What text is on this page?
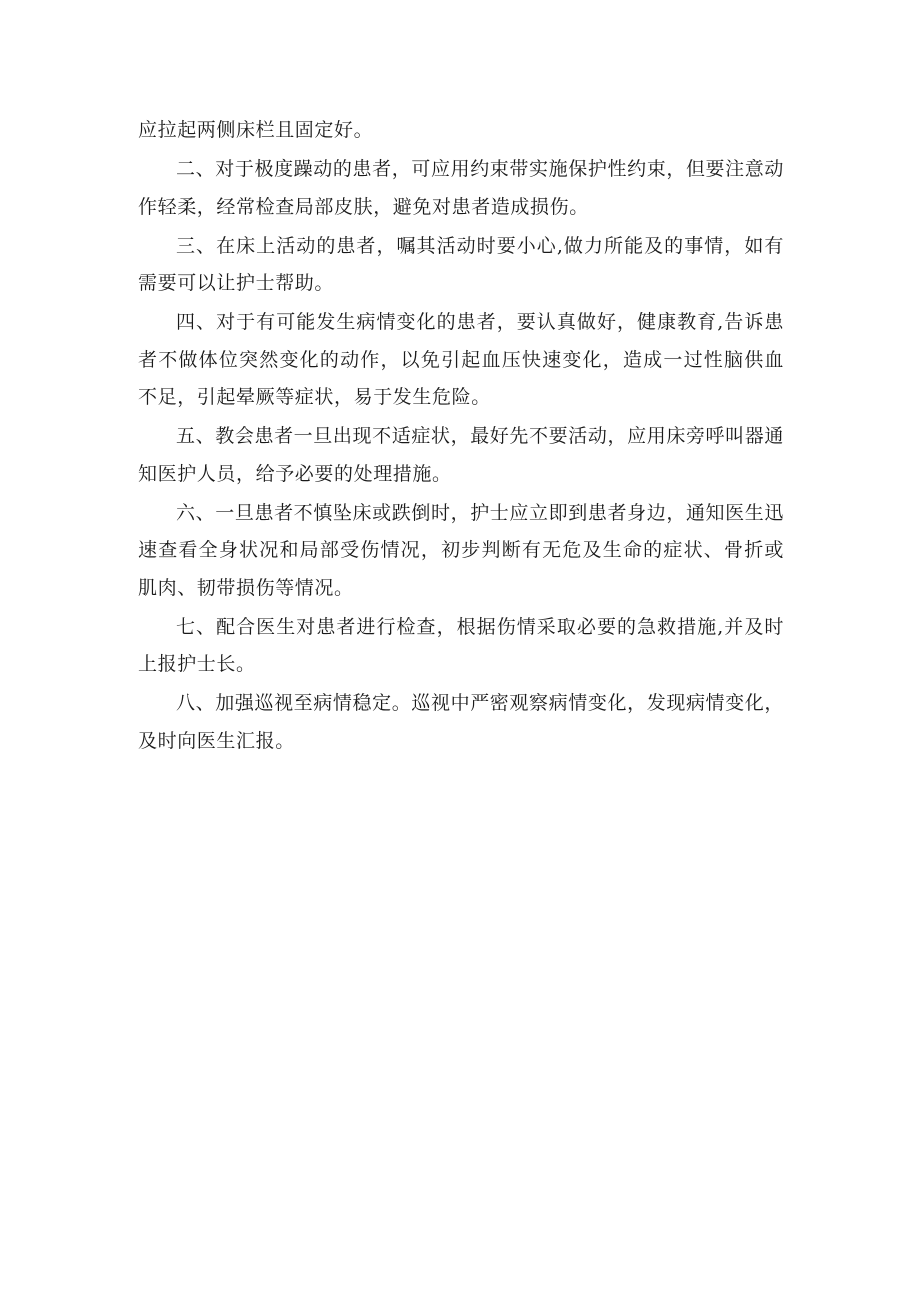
应拉起两侧床栏且固定好。

二、对于极度躁动的患者，可应用约束带实施保护性约束，但要注意动作轻柔，经常检查局部皮肤，避免对患者造成损伤。

三、在床上活动的患者，嘱其活动时要小心,做力所能及的事情，如有需要可以让护士帮助。

四、对于有可能发生病情变化的患者，要认真做好，健康教育,告诉患者不做体位突然变化的动作，以免引起血压快速变化，造成一过性脑供血不足，引起晕厥等症状，易于发生危险。

五、教会患者一旦出现不适症状，最好先不要活动，应用床旁呼叫器通知医护人员，给予必要的处理措施。

六、一旦患者不慎坠床或跌倒时，护士应立即到患者身边，通知医生迅速查看全身状况和局部受伤情况，初步判断有无危及生命的症状、骨折或肌肉、韧带损伤等情况。

七、配合医生对患者进行检查，根据伤情采取必要的急救措施,并及时上报护士长。

八、加强巡视至病情稳定。巡视中严密观察病情变化，发现病情变化，及时向医生汇报。
